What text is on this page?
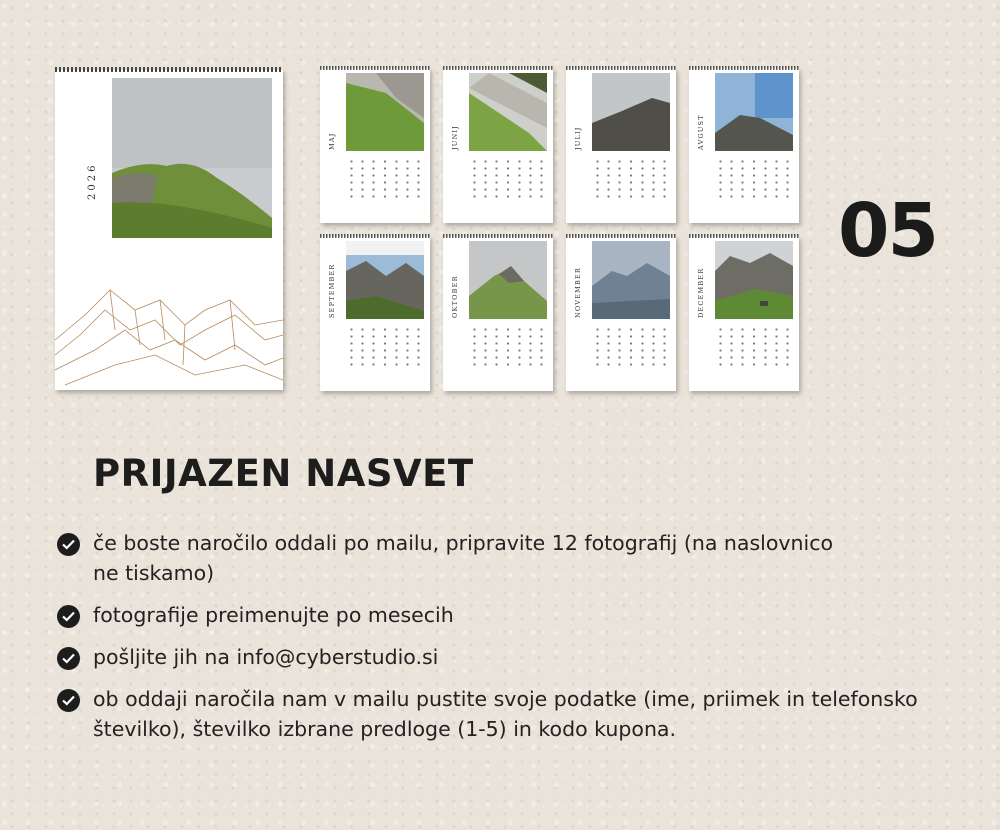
2026
MAJ	JUNIJ	JULIJ	AVGUST
SEPTEMBER	OKTOBER	NOVEMBER	DECEMBER
05
PRIJAZEN NASVET
če boste naročilo oddali po mailu, pripravite 12 fotografij (na naslovnico ne tiskamo)
fotografije preimenujte po mesecih
pošljite jih na info@cyberstudio.si
ob oddaji naročila nam v mailu pustite svoje podatke (ime, priimek in telefonsko številko), številko izbrane predloge (1-5) in kodo kupona.
